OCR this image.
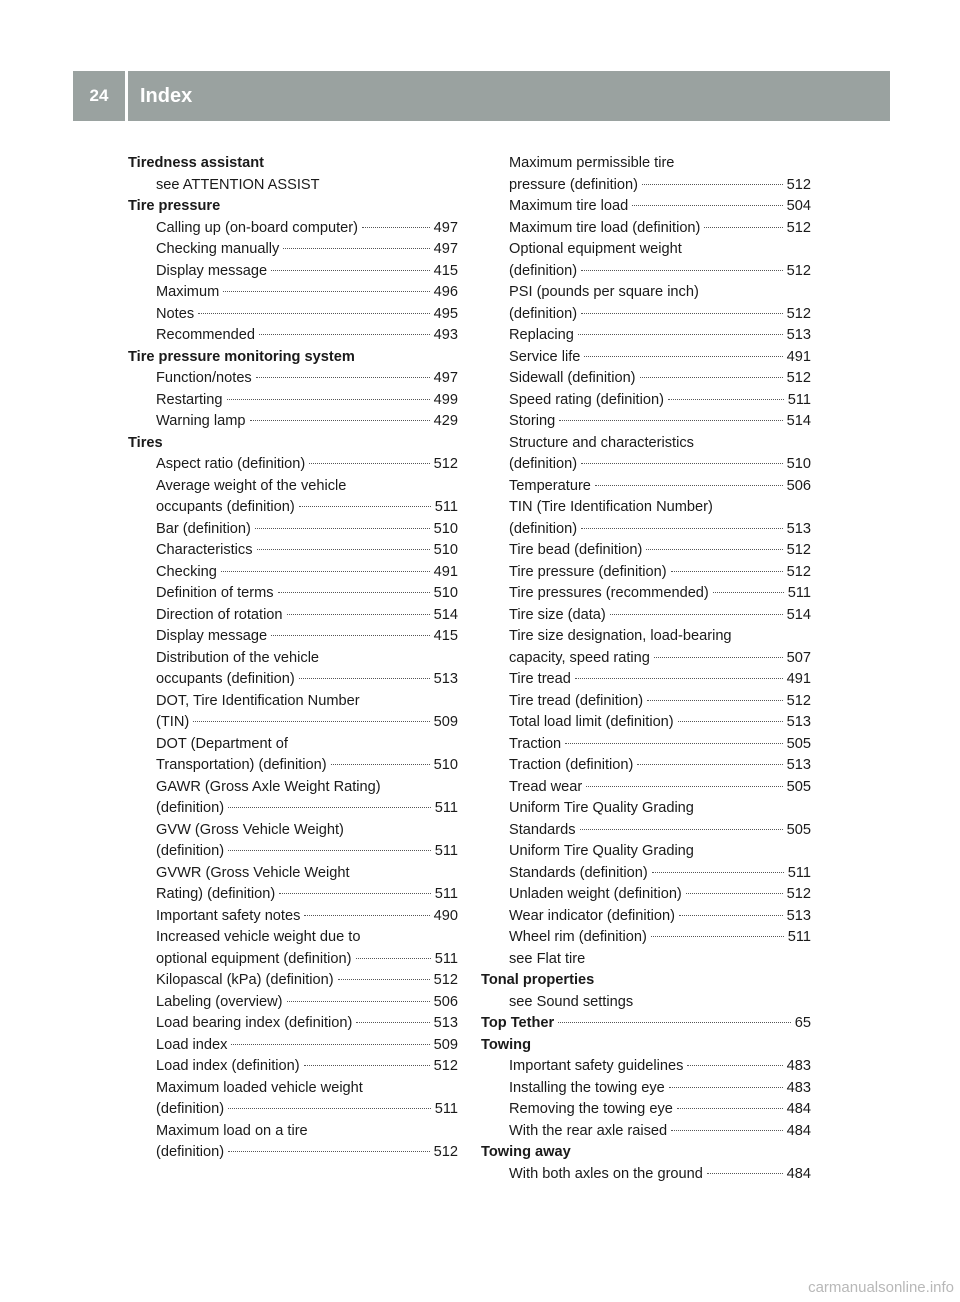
24	Index
Tiredness assistant
see ATTENTION ASSIST
Tire pressure
Calling up (on-board computer)	497
Checking manually	497
Display message	415
Maximum	496
Notes	495
Recommended	493
Tire pressure monitoring system
Function/notes	497
Restarting	499
Warning lamp	429
Tires
Aspect ratio (definition)	512
Average weight of the vehicle
occupants (definition)	511
Bar (definition)	510
Characteristics	510
Checking	491
Definition of terms	510
Direction of rotation	514
Display message	415
Distribution of the vehicle
occupants (definition)	513
DOT, Tire Identification Number
(TIN)	509
DOT (Department of
Transportation) (definition)	510
GAWR (Gross Axle Weight Rating)
(definition)	511
GVW (Gross Vehicle Weight)
(definition)	511
GVWR (Gross Vehicle Weight
Rating) (definition)	511
Important safety notes	490
Increased vehicle weight due to
optional equipment (definition)	511
Kilopascal (kPa) (definition)	512
Labeling (overview)	506
Load bearing index (definition)	513
Load index	509
Load index (definition)	512
Maximum loaded vehicle weight
(definition)	511
Maximum load on a tire
(definition)	512
Maximum permissible tire
pressure (definition)	512
Maximum tire load	504
Maximum tire load (definition)	512
Optional equipment weight
(definition)	512
PSI (pounds per square inch)
(definition)	512
Replacing	513
Service life	491
Sidewall (definition)	512
Speed rating (definition)	511
Storing	514
Structure and characteristics
(definition)	510
Temperature	506
TIN (Tire Identification Number)
(definition)	513
Tire bead (definition)	512
Tire pressure (definition)	512
Tire pressures (recommended)	511
Tire size (data)	514
Tire size designation, load-bearing
capacity, speed rating	507
Tire tread	491
Tire tread (definition)	512
Total load limit (definition)	513
Traction	505
Traction (definition)	513
Tread wear	505
Uniform Tire Quality Grading
Standards	505
Uniform Tire Quality Grading
Standards (definition)	511
Unladen weight (definition)	512
Wear indicator (definition)	513
Wheel rim (definition)	511
see Flat tire
Tonal properties
see Sound settings
Top Tether	65
Towing
Important safety guidelines	483
Installing the towing eye	483
Removing the towing eye	484
With the rear axle raised	484
Towing away
With both axles on the ground	484
carmanualsonline.info
